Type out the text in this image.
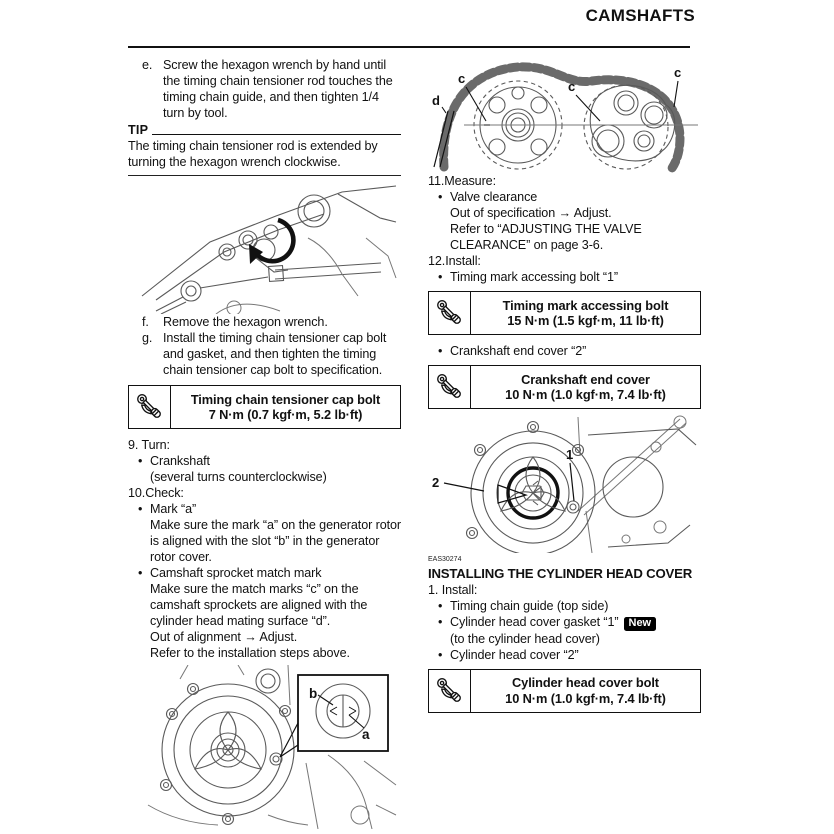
CAMSHAFTS
e. Screw the hexagon wrench by hand until the timing chain tensioner rod touches the timing chain guide, and then tighten 1/4 turn by tool.
TIP
The timing chain tensioner rod is extended by turning the hexagon wrench clockwise.
f.	Remove the hexagon wrench.
g. Install the timing chain tensioner cap bolt and gasket, and then tighten the timing chain tensioner cap bolt to specification.
Timing chain tensioner cap bolt
7 N·m (0.7 kgf·m, 5.2 lb·ft)
9. Turn:
• Crankshaft
(several turns counterclockwise)
10.Check:
• Mark “a”
Make sure the mark “a” on the generator rotor is aligned with the slot “b” in the generator rotor cover.
• Camshaft sprocket match mark
Make sure the match marks “c” on the camshaft sprockets are aligned with the cylinder head mating surface “d”.
Out of alignment → Adjust.
Refer to the installation steps above.
b
a
d
c
c
c
11.Measure:
• Valve clearance
Out of specification → Adjust.
Refer to “ADJUSTING THE VALVE CLEARANCE” on page 3-6.
12.Install:
• Timing mark accessing bolt “1”
Timing mark accessing bolt
15 N·m (1.5 kgf·m, 11 lb·ft)
• Crankshaft end cover “2”
Crankshaft end cover
10 N·m (1.0 kgf·m, 7.4 lb·ft)
2
1
EAS30274
INSTALLING THE CYLINDER HEAD COVER
1. Install:
• Timing chain guide (top side)
• Cylinder head cover gasket “1” New
(to the cylinder head cover)
• Cylinder head cover “2”
Cylinder head cover bolt
10 N·m (1.0 kgf·m, 7.4 lb·ft)
